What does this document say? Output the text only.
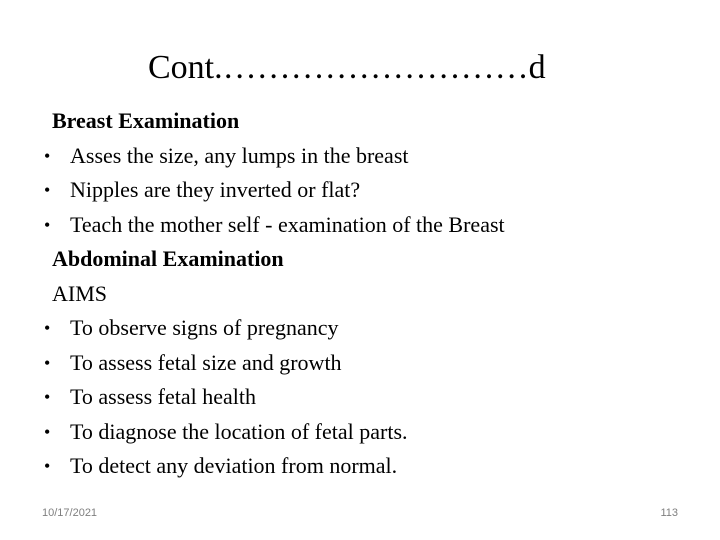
Cont.………………………d
Breast Examination
• Asses the size, any lumps in the breast
• Nipples are they inverted or flat?
• Teach the mother self - examination of the Breast
Abdominal Examination
AIMS
• To observe signs of pregnancy
• To assess fetal size and growth
• To assess fetal health
• To diagnose the location of fetal parts.
• To detect any deviation from normal.
10/17/2021	113
